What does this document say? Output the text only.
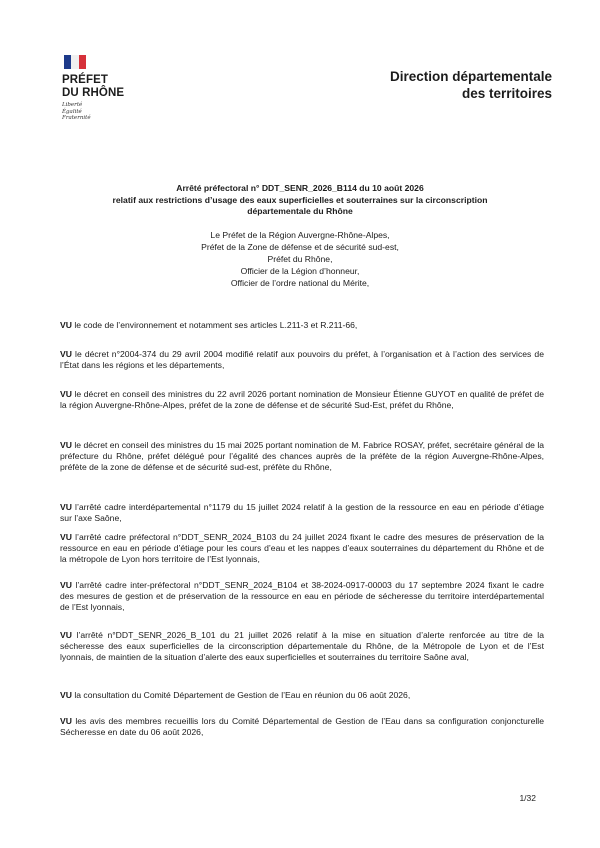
PRÉFET
DU RHÔNE
Liberté
Égalité
Fraternité
Direction départementale
des territoires
Arrêté préfectoral n° DDT_SENR_2026_B114 du 10 août 2026
relatif aux restrictions d’usage des eaux superficielles et souterraines sur la circonscription
départementale du Rhône
Le Préfet de la Région Auvergne-Rhône-Alpes,
Préfet de la Zone de défense et de sécurité sud-est,
Préfet du Rhône,
Officier de la Légion d’honneur,
Officier de l’ordre national du Mérite,

VU le code de l’environnement et notamment ses articles L.211-3 et R.211-66,

VU le décret n°2004-374 du 29 avril 2004 modifié relatif aux pouvoirs du préfet, à l’organisation et à l’action des services de l’État dans les régions et les départements,

VU le décret en conseil des ministres du 22 avril 2026 portant nomination de Monsieur Étienne GUYOT en qualité de préfet de la région Auvergne-Rhône-Alpes, préfet de la zone de défense et de sécurité Sud-Est, préfet du Rhône,

VU le décret en conseil des ministres du 15 mai 2025 portant nomination de M. Fabrice ROSAY, préfet, secrétaire général de la préfecture du Rhône, préfet délégué pour l’égalité des chances auprès de la préfète de la région Auvergne-Rhône-Alpes, préfète de la zone de défense et de sécurité sud-est, préfète du Rhône,

VU l’arrêté cadre interdépartemental n°1179 du 15 juillet 2024 relatif à la gestion de la ressource en eau en période d’étiage sur l’axe Saône,

VU l’arrêté cadre préfectoral n°DDT_SENR_2024_B103 du 24 juillet 2024 fixant le cadre des mesures de préservation de la ressource en eau en période d’étiage pour les cours d’eau et les nappes d’eaux souterraines du département du Rhône et de la métropole de Lyon hors territoire de l’Est lyonnais,

VU l’arrêté cadre inter-préfectoral n°DDT_SENR_2024_B104 et 38-2024-0917-00003 du 17 septembre 2024 fixant le cadre des mesures de gestion et de préservation de la ressource en eau en période de sécheresse du territoire interdépartemental de l’Est lyonnais,

VU l’arrêté n°DDT_SENR_2026_B_101 du 21 juillet 2026 relatif à la mise en situation d’alerte renforcée au titre de la sécheresse des eaux superficielles de la circonscription départementale du Rhône, de la Métropole de Lyon et de l’Est lyonnais, de maintien de la situation d’alerte des eaux superficielles et souterraines du territoire Saône aval,

VU la consultation du Comité Département de Gestion de l’Eau en réunion du 06 août 2026,

VU les avis des membres recueillis lors du Comité Départemental de Gestion de l’Eau dans sa configuration conjoncturelle Sécheresse en date du 06 août 2026,

1/32
